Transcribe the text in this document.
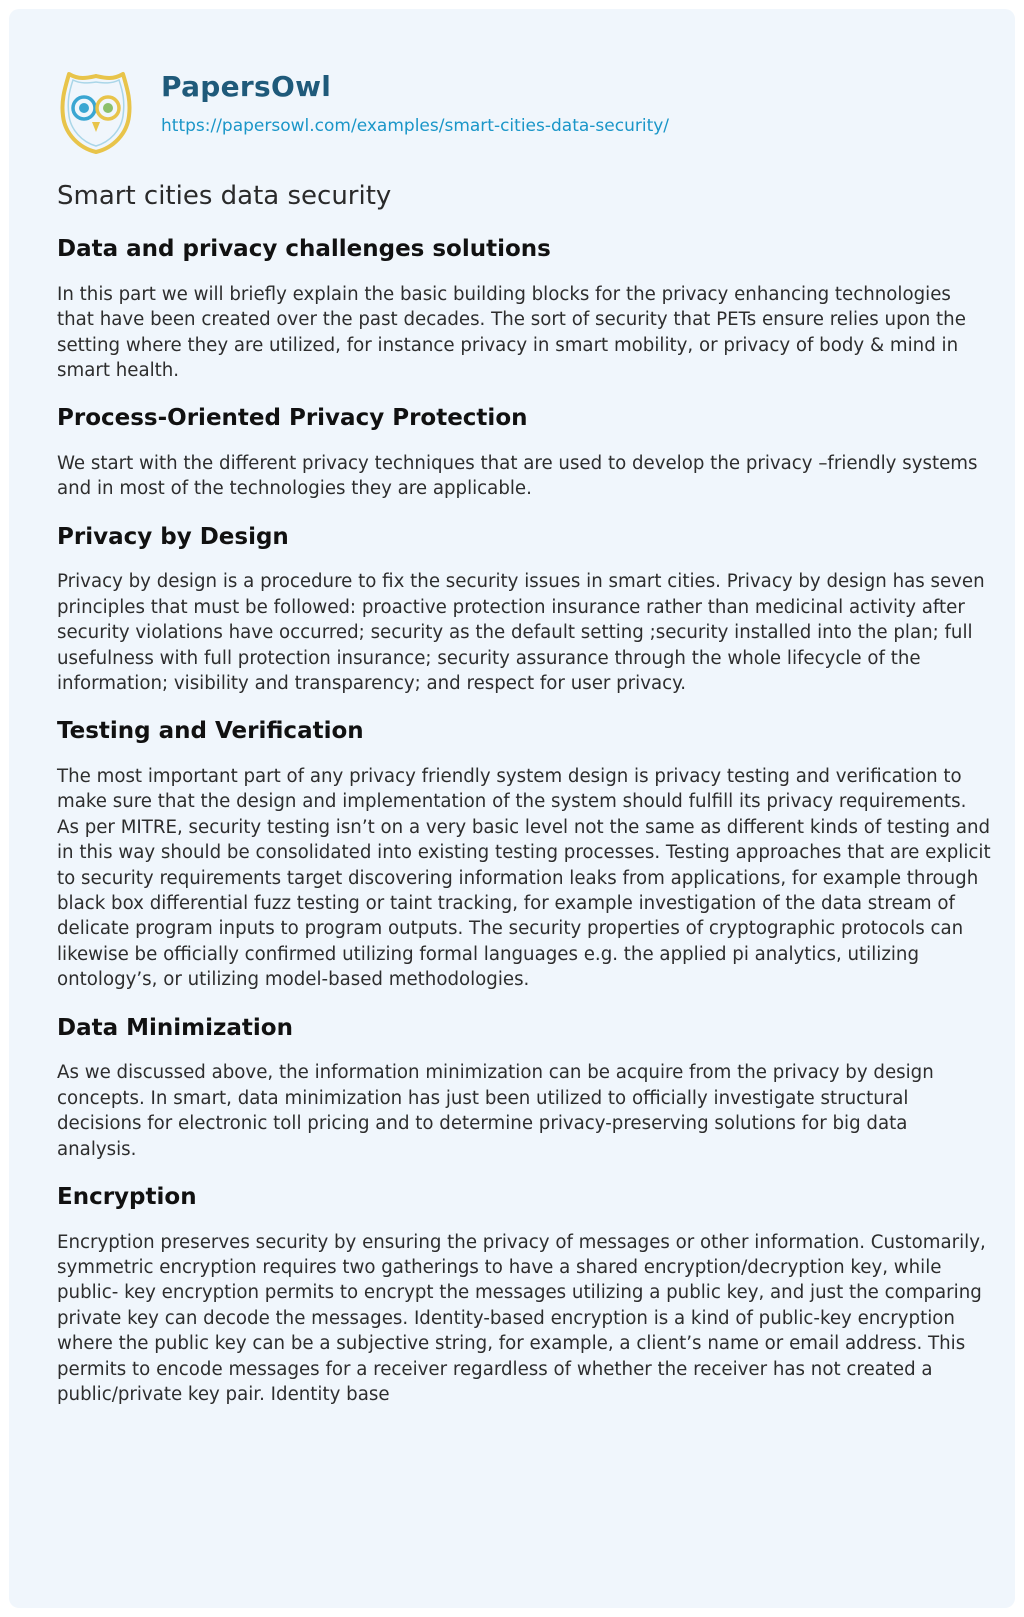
PapersOwl
https://papersowl.com/examples/smart-cities-data-security/
Smart cities data security
Data and privacy challenges solutions

In this part we will briefly explain the basic building blocks for the privacy enhancing technologies that have been created over the past decades. The sort of security that PETs ensure relies upon the setting where they are utilized, for instance privacy in smart mobility, or privacy of body & mind in smart health.

Process-Oriented Privacy Protection

We start with the different privacy techniques that are used to develop the privacy –friendly systems and in most of the technologies they are applicable.

Privacy by Design

Privacy by design is a procedure to fix the security issues in smart cities. Privacy by design has seven principles that must be followed: proactive protection insurance rather than medicinal activity after security violations have occurred; security as the default setting ;security installed into the plan; full usefulness with full protection insurance; security assurance through the whole lifecycle of the information; visibility and transparency; and respect for user privacy.

Testing and Verification

The most important part of any privacy friendly system design is privacy testing and verification to make sure that the design and implementation of the system should fulfill its privacy requirements. As per MITRE, security testing isn’t on a very basic level not the same as different kinds of testing and in this way should be consolidated into existing testing processes. Testing approaches that are explicit to security requirements target discovering information leaks from applications, for example through black box differential fuzz testing or taint tracking, for example investigation of the data stream of delicate program inputs to program outputs. The security properties of cryptographic protocols can likewise be officially confirmed utilizing formal languages e.g. the applied pi analytics, utilizing ontology’s, or utilizing model-based methodologies.

Data Minimization

As we discussed above, the information minimization can be acquire from the privacy by design concepts. In smart, data minimization has just been utilized to officially investigate structural decisions for electronic toll pricing and to determine privacy-preserving solutions for big data analysis.

Encryption

Encryption preserves security by ensuring the privacy of messages or other information. Customarily, symmetric encryption requires two gatherings to have a shared encryption/decryption key, while public- key encryption permits to encrypt the messages utilizing a public key, and just the comparing private key can decode the messages. Identity-based encryption is a kind of public-key encryption where the public key can be a subjective string, for example, a client’s name or email address. This permits to encode messages for a receiver regardless of whether the receiver has not created a public/private key pair. Identity base
